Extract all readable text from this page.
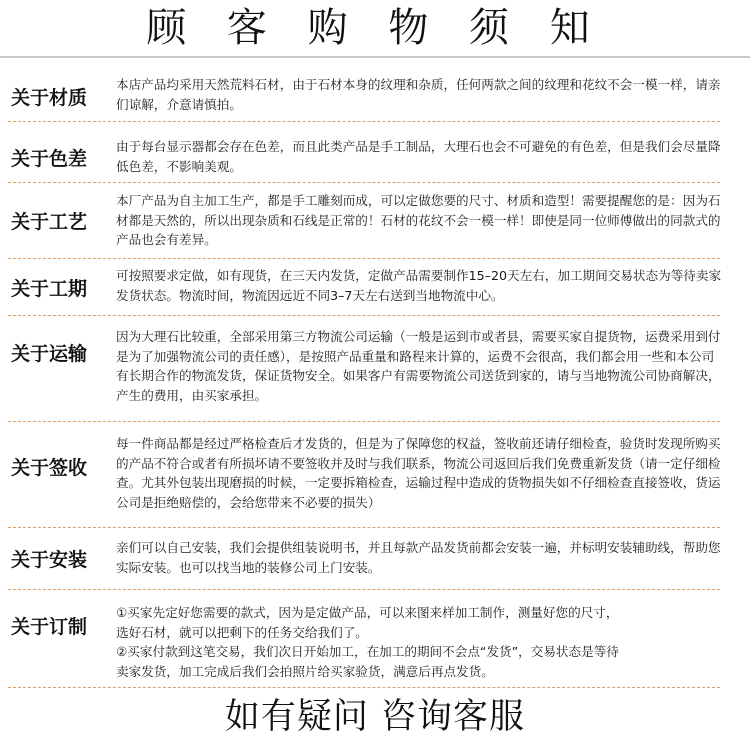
顾 客 购 物 须 知
关于材质
本店产品均采用天然荒料石材，由于石材本身的纹理和杂质，任何两款之间的纹理和花纹不会一模一样，请亲们谅解，介意请慎拍。
关于色差
由于每台显示器都会存在色差，而且此类产品是手工制品，大理石也会不可避免的有色差，但是我们会尽量降低色差，不影响美观。
关于工艺
本厂产品为自主加工生产，都是手工雕刻而成，可以定做您要的尺寸、材质和造型！需要提醒您的是：因为石材都是天然的，所以出现杂质和石线是正常的！石材的花纹不会一模一样！即使是同一位师傅做出的同款式的产品也会有差异。
关于工期
可按照要求定做，如有现货，在三天内发货，定做产品需要制作15–20天左右，加工期间交易状态为等待卖家发货状态。物流时间，物流因远近不同3–7天左右送到当地物流中心。
关于运输
因为大理石比较重，全部采用第三方物流公司运输（一般是运到市或者县，需要买家自提货物，运费采用到付是为了加强物流公司的责任感），是按照产品重量和路程来计算的，运费不会很高，我们都会用一些和本公司有长期合作的物流发货，保证货物安全。如果客户有需要物流公司送货到家的，请与当地物流公司协商解决，产生的费用，由买家承担。
关于签收
每一件商品都是经过严格检查后才发货的，但是为了保障您的权益，签收前还请仔细检查，验货时发现所购买的产品不符合或者有所损坏请不要签收并及时与我们联系，物流公司返回后我们免费重新发货（请一定仔细检查。尤其外包装出现磨损的时候，一定要拆箱检查，运输过程中造成的货物损失如不仔细检查直接签收，货运公司是拒绝赔偿的，会给您带来不必要的损失）
关于安装
亲们可以自己安装，我们会提供组装说明书，并且每款产品发货前都会安装一遍，并标明安装辅助线，帮助您实际安装。也可以找当地的装修公司上门安装。
关于订制
①买家先定好您需要的款式，因为是定做产品，可以来图来样加工制作，测量好您的尺寸，
选好石材，就可以把剩下的任务交给我们了。
②买家付款到这笔交易，我们次日开始加工，在加工的期间不会点“发货”，交易状态是等待
卖家发货，加工完成后我们会拍照片给买家验货，满意后再点发货。
如有疑问 咨询客服
